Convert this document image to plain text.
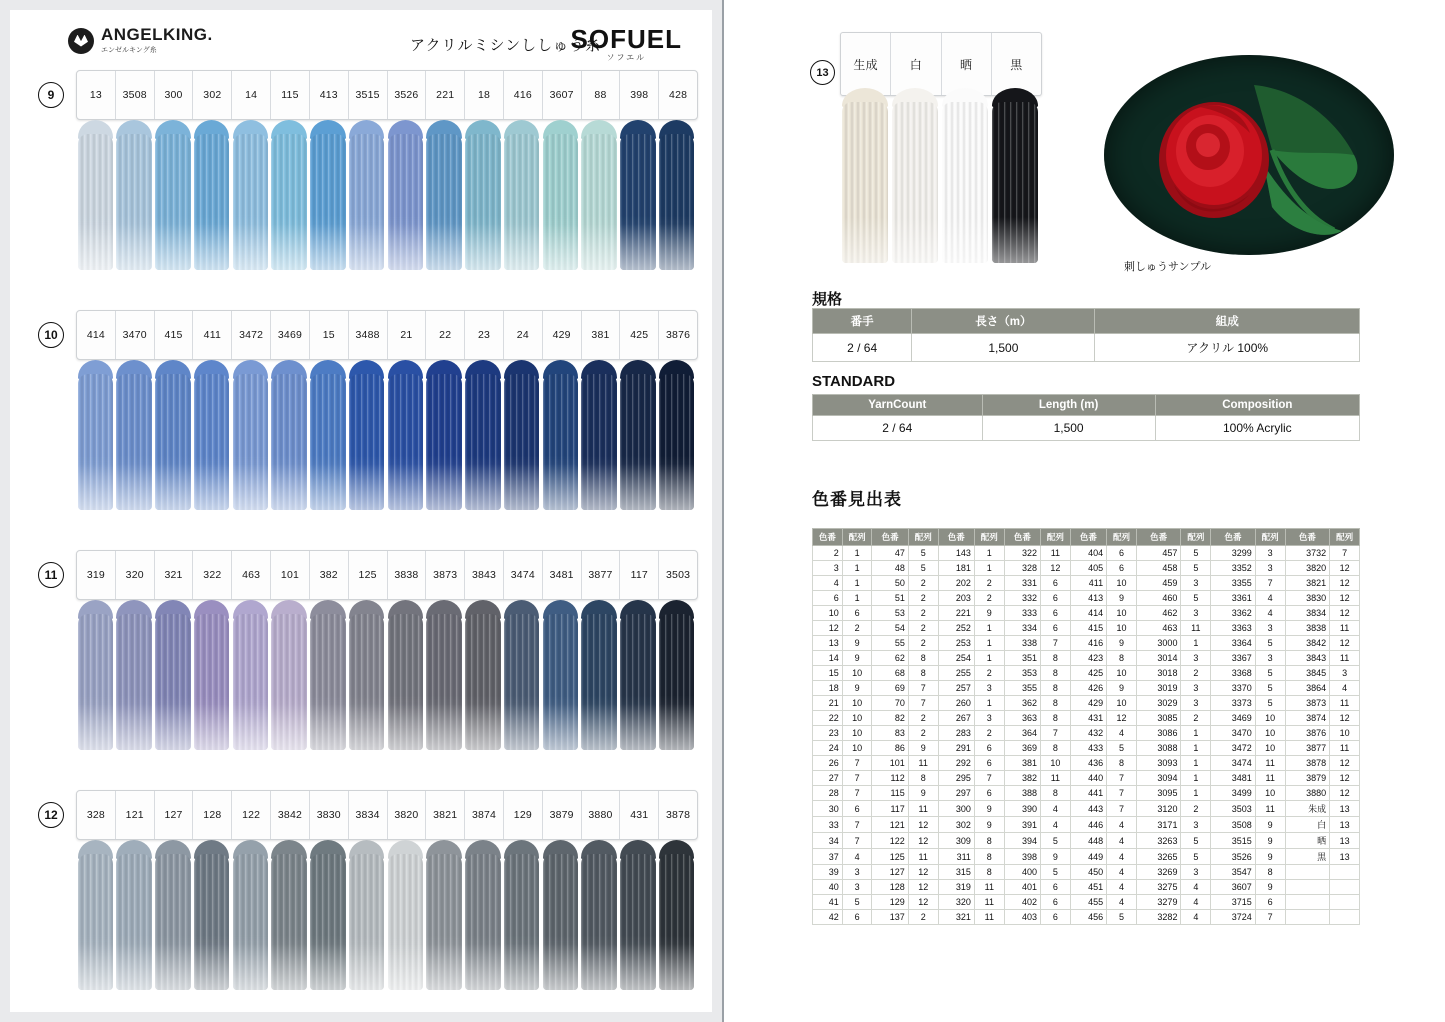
ANGELKING.
エンゼルキング糸	アクリルミシンししゅう糸
SOFUEL
ソフエル
9	13	3508	300	302	14	115	413	3515	3526	221	18	416	3607	88	398	428
10	414	3470	415	411	3472	3469	15	3488	21	22	23	24	429	381	425	3876
11	319	320	321	322	463	101	382	125	3838	3873	3843	3474	3481	3877	117	3503
12	328	121	127	128	122	3842	3830	3834	3820	3821	3874	129	3879	3880	431	3878
13
生成	白	晒	黒
刺しゅうサンプル
規格
番手	長さ（m）	組成
2 / 64	1,500	アクリル 100%
STANDARD
YarnCount	Length (m)	Composition
2 / 64	1,500	100% Acrylic
色番見出表
色番	配列	色番	配列	色番	配列	色番	配列	色番	配列	色番	配列	色番	配列	色番	配列
2	1	47	5	143	1	322	11	404	6	457	5	3299	3	3732	7
3	1	48	5	181	1	328	12	405	6	458	5	3352	3	3820	12
4	1	50	2	202	2	331	6	411	10	459	3	3355	7	3821	12
6	1	51	2	203	2	332	6	413	9	460	5	3361	4	3830	12
10	6	53	2	221	9	333	6	414	10	462	3	3362	4	3834	12
12	2	54	2	252	1	334	6	415	10	463	11	3363	3	3838	11
13	9	55	2	253	1	338	7	416	9	3000	1	3364	5	3842	12
14	9	62	8	254	1	351	8	423	8	3014	3	3367	3	3843	11
15	10	68	8	255	2	353	8	425	10	3018	2	3368	5	3845	3
18	9	69	7	257	3	355	8	426	9	3019	3	3370	5	3864	4
21	10	70	7	260	1	362	8	429	10	3029	3	3373	5	3873	11
22	10	82	2	267	3	363	8	431	12	3085	2	3469	10	3874	12
23	10	83	2	283	2	364	7	432	4	3086	1	3470	10	3876	10
24	10	86	9	291	6	369	8	433	5	3088	1	3472	10	3877	11
26	7	101	11	292	6	381	10	436	8	3093	1	3474	11	3878	12
27	7	112	8	295	7	382	11	440	7	3094	1	3481	11	3879	12
28	7	115	9	297	6	388	8	441	7	3095	1	3499	10	3880	12
30	6	117	11	300	9	390	4	443	7	3120	2	3503	11	朱成	13
33	7	121	12	302	9	391	4	446	4	3171	3	3508	9	白	13
34	7	122	12	309	8	394	5	448	4	3263	5	3515	9	晒	13
37	4	125	11	311	8	398	9	449	4	3265	5	3526	9	黒	13
39	3	127	12	315	8	400	5	450	4	3269	3	3547	8		
40	3	128	12	319	11	401	6	451	4	3275	4	3607	9		
41	5	129	12	320	11	402	6	455	4	3279	4	3715	6		
42	6	137	2	321	11	403	6	456	5	3282	4	3724	7		
